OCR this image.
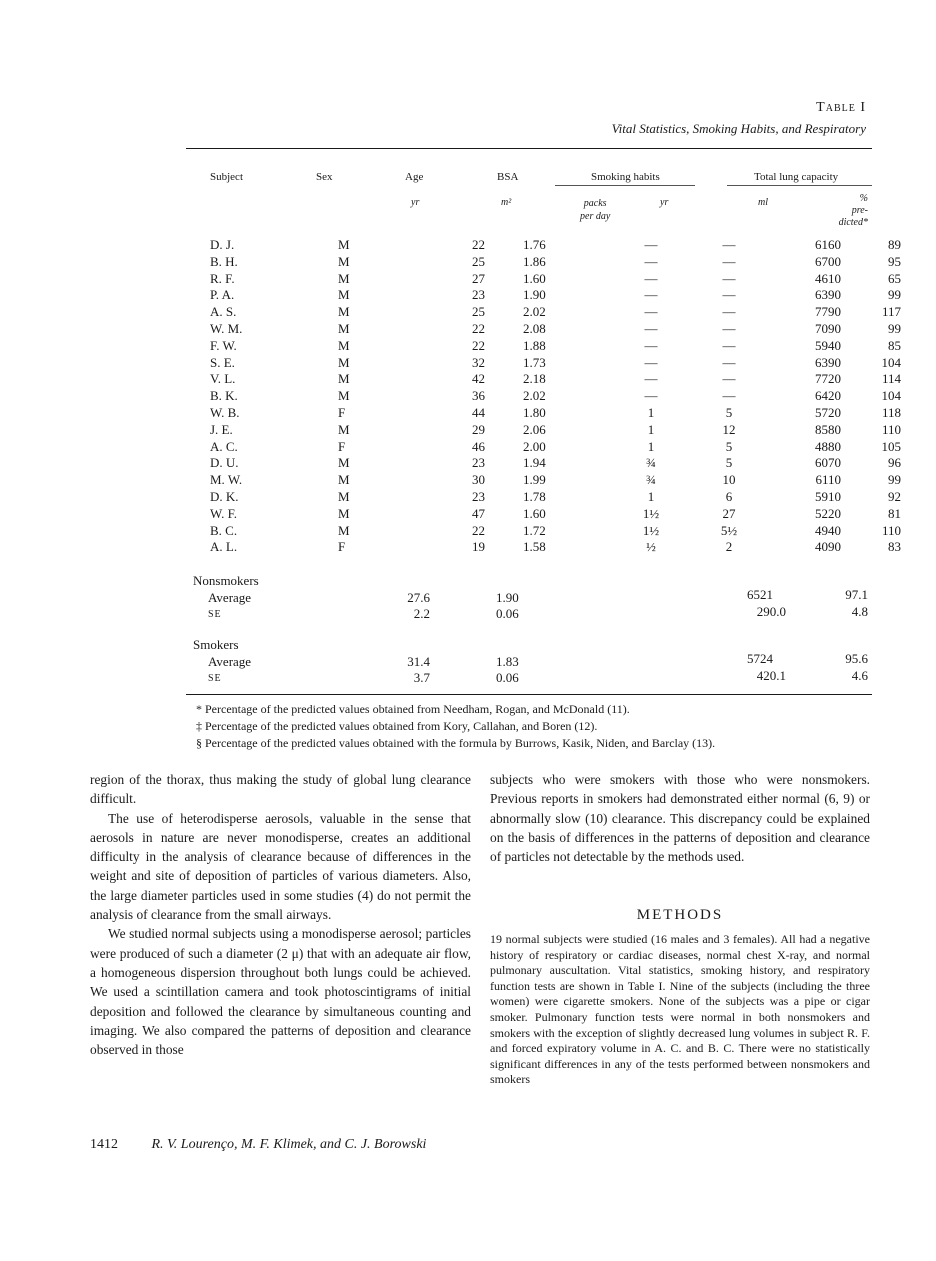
Table I
Vital Statistics, Smoking Habits, and Respiratory
Subject	Sex	Age	BSA	Smoking habits	Total lung capacity
yr	m²	packs
per day
yr	ml	%
pre-
dicted*
D. J.	M	22	1.76	—	—	6160	89
B. H.	M	25	1.86	—	—	6700	95
R. F.	M	27	1.60	—	—	4610	65
P. A.	M	23	1.90	—	—	6390	99
A. S.	M	25	2.02	—	—	7790	117
W. M.	M	22	2.08	—	—	7090	99
F. W.	M	22	1.88	—	—	5940	85
S. E.	M	32	1.73	—	—	6390	104
V. L.	M	42	2.18	—	—	7720	114
B. K.	M	36	2.02	—	—	6420	104
W. B.	F	44	1.80	1	5	5720	118
J. E.	M	29	2.06	1	12	8580	110
A. C.	F	46	2.00	1	5	4880	105
D. U.	M	23	1.94	¾	5	6070	96
M. W.	M	30	1.99	¾	10	6110	99
D. K.	M	23	1.78	1	6	5910	92
W. F.	M	47	1.60	1½	27	5220	81
B. C.	M	22	1.72	1½	5½	4940	110
A. L.	F	19	1.58	½	2	4090	83
Nonsmokers
Average	27.6	1.90	6521	97.1
SE	2.2	0.06	290.0	4.8
Smokers
Average	31.4	1.83	5724	95.6
SE	3.7	0.06	420.1	4.6
* Percentage of the predicted values obtained from Needham, Rogan, and McDonald (11).
‡ Percentage of the predicted values obtained from Kory, Callahan, and Boren (12).
§ Percentage of the predicted values obtained with the formula by Burrows, Kasik, Niden, and Barclay (13).

region of the thorax, thus making the study of global lung clearance difficult.

The use of heterodisperse aerosols, valuable in the sense that aerosols in nature are never monodisperse, creates an additional difficulty in the analysis of clearance because of differences in the weight and site of deposition of particles of various diameters. Also, the large diameter particles used in some studies (4) do not permit the analysis of clearance from the small airways.

We studied normal subjects using a monodisperse aerosol; particles were produced of such a diameter (2 μ) that with an adequate air flow, a homogeneous dispersion throughout both lungs could be achieved. We used a scintillation camera and took photoscintigrams of initial deposition and followed the clearance by simultaneous counting and imaging. We also compared the patterns of deposition and clearance observed in those

subjects who were smokers with those who were nonsmokers. Previous reports in smokers had demonstrated either normal (6, 9) or abnormally slow (10) clearance. This discrepancy could be explained on the basis of differences in the patterns of deposition and clearance of particles not detectable by the methods used.

METHODS
19 normal subjects were studied (16 males and 3 females). All had a negative history of respiratory or cardiac diseases, normal chest X-ray, and normal pulmonary auscultation. Vital statistics, smoking history, and respiratory function tests are shown in Table I. Nine of the subjects (including the three women) were cigarette smokers. None of the subjects was a pipe or cigar smoker. Pulmonary function tests were normal in both nonsmokers and smokers with the exception of slightly decreased lung volumes in subject R. F. and forced expiratory volume in A. C. and B. C. There were no statistically significant differences in any of the tests performed between nonsmokers and smokers
1412 R. V. Lourenço, M. F. Klimek, and C. J. Borowski
